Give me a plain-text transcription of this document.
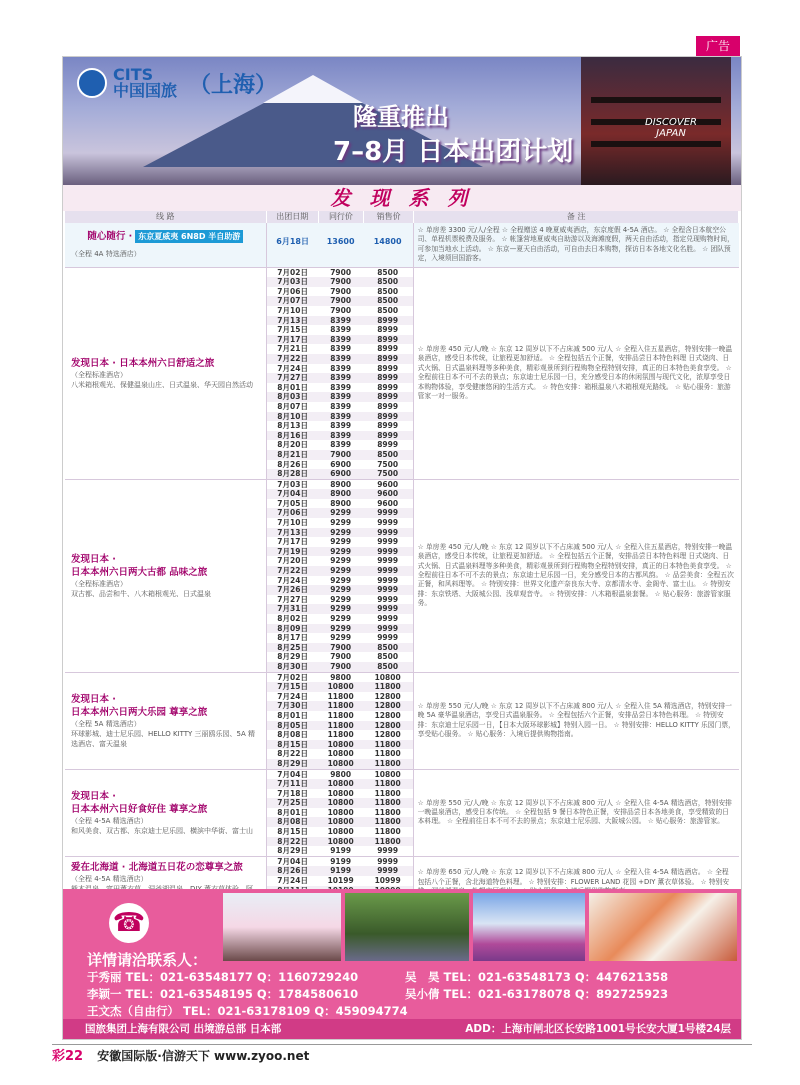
广告
CITS
中国国旅 （上海）
隆重推出
7–8月 日本出团计划
DISCOVER JAPAN
发 现 系 列
线 路	出团日期	同行价	销售价	备 注
随心随行 · 东京夏威夷 6N8D 半自助游
（全程 4A 特选酒店）
6月18日	13600	14800
☆ 单房差 3300 元/人/全程 ☆ 全程赠送 4 晚夏威夷酒店，东京度假 4-5A 酒店。 ☆ 全程含日本航空公司、单程机票税费及服务。 ☆ 帐篷营地夏威夷自助游以及海滩度假，两天自由活动，指定兑现购物时间，可参加当地水上活动。 ☆ 东京—夏天自由活动，可自由去日本购物，探访日本各地文化名胜。 ☆ 团队预定，入境须回国游客。
发现日本 · 日本本州六日舒适之旅
（全程标准酒店）
八米箱根观光、保健温泉山庄、日式温泉、华天园自然活动
7月02日	7900	8500
7月03日	7900	8500
7月06日	7900	8500
7月07日	7900	8500
7月10日	7900	8500
7月13日	8399	8999
7月15日	8399	8999
7月17日	8399	8999
7月21日	8399	8999
7月22日	8399	8999
7月24日	8399	8999
7月27日	8399	8999
8月01日	8399	8999
8月03日	8399	8999
8月07日	8399	8999
8月10日	8399	8999
8月13日	8399	8999
8月16日	8399	8999
8月20日	8399	8999
8月21日	7900	8500
8月26日	6900	7500
8月28日	6900	7500
☆ 单房差 450 元/人/晚 ☆ 东京 12 周岁以下不占床减 500 元/人 ☆ 全程入住五星酒店，特别安排一晚温泉酒店，感受日本传统，让旅程更加舒适。 ☆ 全程包括五个正餐，安排品尝日本特色料理 日式烧肉、日式火锅、日式温泉料理等多种美食，精彩观景所到行程购物全程特别安排，真正的日本特色美食享受。 ☆ 全程前往日本不可不去的景点；东京迪士尼乐园一日，充分感受日本的休闲氛围与现代文化，浓厚享受日本购物体验，享受健康悠闲的生活方式。 ☆ 特色安排：箱根温泉八木箱根观光路线。 ☆ 贴心服务：旅游管家一对一服务。
发现日本 ·
日本本州六日两大古都 品味之旅
（全程标准酒店）
双古都、品尝和牛、八木箱根观光、日式温泉
7月03日	8900	9600
7月04日	8900	9600
7月05日	8900	9600
7月06日	9299	9999
7月10日	9299	9999
7月13日	9299	9999
7月17日	9299	9999
7月19日	9299	9999
7月20日	9299	9999
7月22日	9299	9999
7月24日	9299	9999
7月26日	9299	9999
7月27日	9299	9999
7月31日	9299	9999
8月02日	9299	9999
8月09日	9299	9999
8月17日	9299	9999
8月25日	7900	8500
8月29日	7900	8500
8月30日	7900	8500
☆ 单房差 450 元/人/晚 ☆ 东京 12 周岁以下不占床减 500 元/人 ☆ 全程入住五星酒店，特别安排一晚温泉酒店，感受日本传统，让旅程更加舒适。 ☆ 全程包括五个正餐，安排品尝日本特色料理 日式烧肉、日式火锅、日式温泉料理等多种美食，精彩观景所到行程购物全程特别安排，真正的日本特色美食享受。 ☆ 全程前往日本不可不去的景点；东京迪士尼乐园一日，充分感受日本的古都风韵。 ☆ 品尝美食：全程五次正餐，和风料理等。 ☆ 特别安排：世界文化遗产奈良东大寺、京都清水寺、金阁寺、富士山。 ☆ 特别安排：东京铁塔、大阪城公园、浅草观音寺。 ☆ 特别安排：八木箱根温泉套餐。 ☆ 贴心服务：旅游管家服务。
发现日本 ·
日本本州六日两大乐园 尊享之旅
（全程 5A 精选酒店）
环球影城、迪士尼乐园、HELLO KITTY 三丽鸥乐园、5A 精选酒店、富天温泉
7月02日	9800	10800
7月15日	10800	11800
7月24日	11800	12800
7月30日	11800	12800
8月01日	11800	12800
8月05日	11800	12800
8月08日	11800	12800
8月15日	10800	11800
8月22日	10800	11800
8月29日	10800	11800
☆ 单房差 550 元/人/晚 ☆ 东京 12 周岁以下不占床减 800 元/人 ☆ 全程入住 5A 精选酒店，特别安排一晚 5A 豪华温泉酒店，享受日式温泉服务。 ☆ 全程包括六个正餐，安排品尝日本特色料理。 ☆ 特别安排：东京迪士尼乐园一日，【日本大阪环球影城】特别入园一日。 ☆ 特别安排：HELLO KITTY 乐园门票，享受贴心服务。 ☆ 贴心服务：入境后提供购物指南。
发现日本 ·
日本本州六日好食好住 尊享之旅
（全程 4-5A 精选酒店）
和风美食、双古都、东京迪士尼乐园、横滨中华街、富士山
7月04日	9800	10800
7月11日	10800	11800
7月18日	10800	11800
7月25日	10800	11800
8月01日	10800	11800
8月08日	10800	11800
8月15日	10800	11800
8月22日	10800	11800
8月29日	9199	9999
☆ 单房差 550 元/人/晚 ☆ 东京 12 周岁以下不占床减 800 元/人 ☆ 全程入住 4-5A 精选酒店，特别安排一晚温泉酒店，感受日本传统。 ☆ 全程包括 9 餐日本特色正餐，安排品尝日本各地美食，享受精致的日本料理。 ☆ 全程前往日本不可不去的景点；东京迪士尼乐园、大阪城公园。 ☆ 贴心服务：旅游管家。
爱在北海道 · 北海道五日花の恋尊享之旅
（全程 4-5A 精选酒店）
7月04日	9199	9999
8月26日	9199	9999
7月24日	10199	10999
☆ 单房差 650 元/人/晚 ☆ 东京 12 周岁以下不占床减 800 元/人 ☆ 全程入住 4-5A 精选酒店。 ☆ 全程包括八个正餐，含北海道特色料理。 ☆ 特别安排：FLOWER LAND 花园 +DIY 薰衣草体验。 ☆ 特别安
☎
详情请洽联系人：
于秀丽 TEL：021-63548177 Q：1160729240	吴　昊 TEL：021-63548173 Q：447621358
李颖一 TEL：021-63548195 Q：1784580610	吴小倩 TEL：021-63178078 Q：892725923
王文杰（自由行） TEL：021-63178109 Q：459094774
国旅集团上海有限公司 出境游总部 日本部	ADD：上海市闸北区长安路1001号长安大厦1号楼24层
彩22 安徽国际版·信游天下 www.zyoo.net
